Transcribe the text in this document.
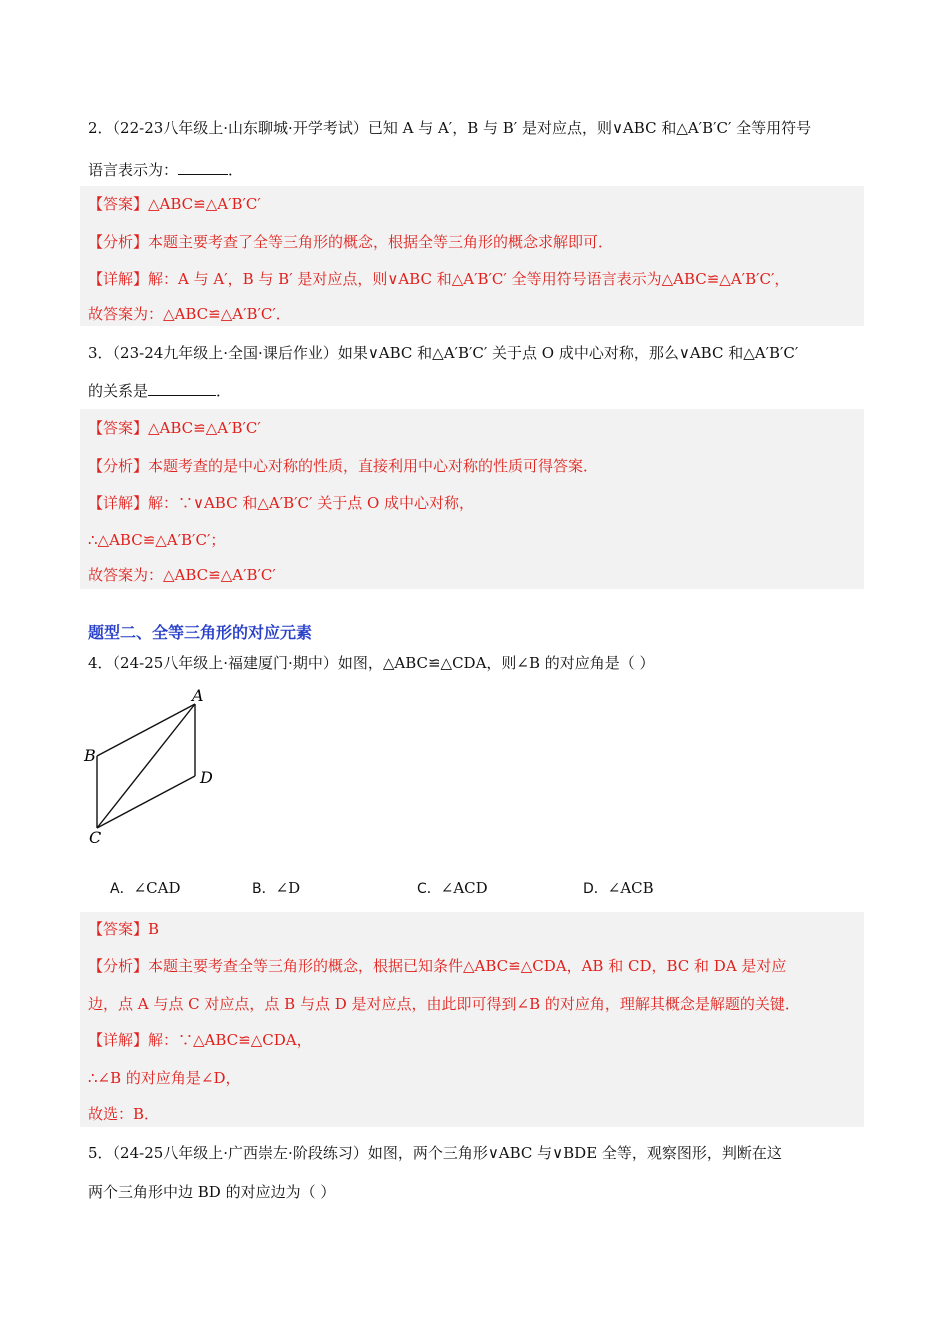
2．（22-23八年级上·山东聊城·开学考试）已知 A 与 A′，B 与 B′ 是对应点，则∨ABC 和△A′B′C′ 全等用符号
语言表示为：	．
【答案】△ABC≌△A′B′C′
【分析】本题主要考查了全等三角形的概念，根据全等三角形的概念求解即可．
【详解】解：A 与 A′，B 与 B′ 是对应点，则∨ABC 和△A′B′C′ 全等用符号语言表示为△ABC≌△A′B′C′，
故答案为：△ABC≌△A′B′C′．
3．（23-24九年级上·全国·课后作业）如果∨ABC 和△A′B′C′ 关于点 O 成中心对称，那么∨ABC 和△A′B′C′
的关系是	．
【答案】△ABC≌△A′B′C′
【分析】本题考查的是中心对称的性质，直接利用中心对称的性质可得答案．
【详解】解：∵∨ABC 和△A′B′C′ 关于点 O 成中心对称，
∴△ABC≌△A′B′C′；
故答案为：△ABC≌△A′B′C′
题型二、全等三角形的对应元素
4．（24-25八年级上·福建厦门·期中）如图，△ABC≌△CDA，则∠B 的对应角是（ ）
A
B
D
C
A．∠CAD	B．∠D	C．∠ACD	D．∠ACB
【答案】B
【分析】本题主要考查全等三角形的概念，根据已知条件△ABC≌△CDA，AB 和 CD，BC 和 DA 是对应
边，点 A 与点 C 对应点，点 B 与点 D 是对应点，由此即可得到∠B 的对应角，理解其概念是解题的关键．
【详解】解：∵△ABC≌△CDA，
∴∠B 的对应角是∠D，
故选：B．
5．（24-25八年级上·广西崇左·阶段练习）如图，两个三角形∨ABC 与∨BDE 全等，观察图形，判断在这
两个三角形中边 BD 的对应边为（ ）
